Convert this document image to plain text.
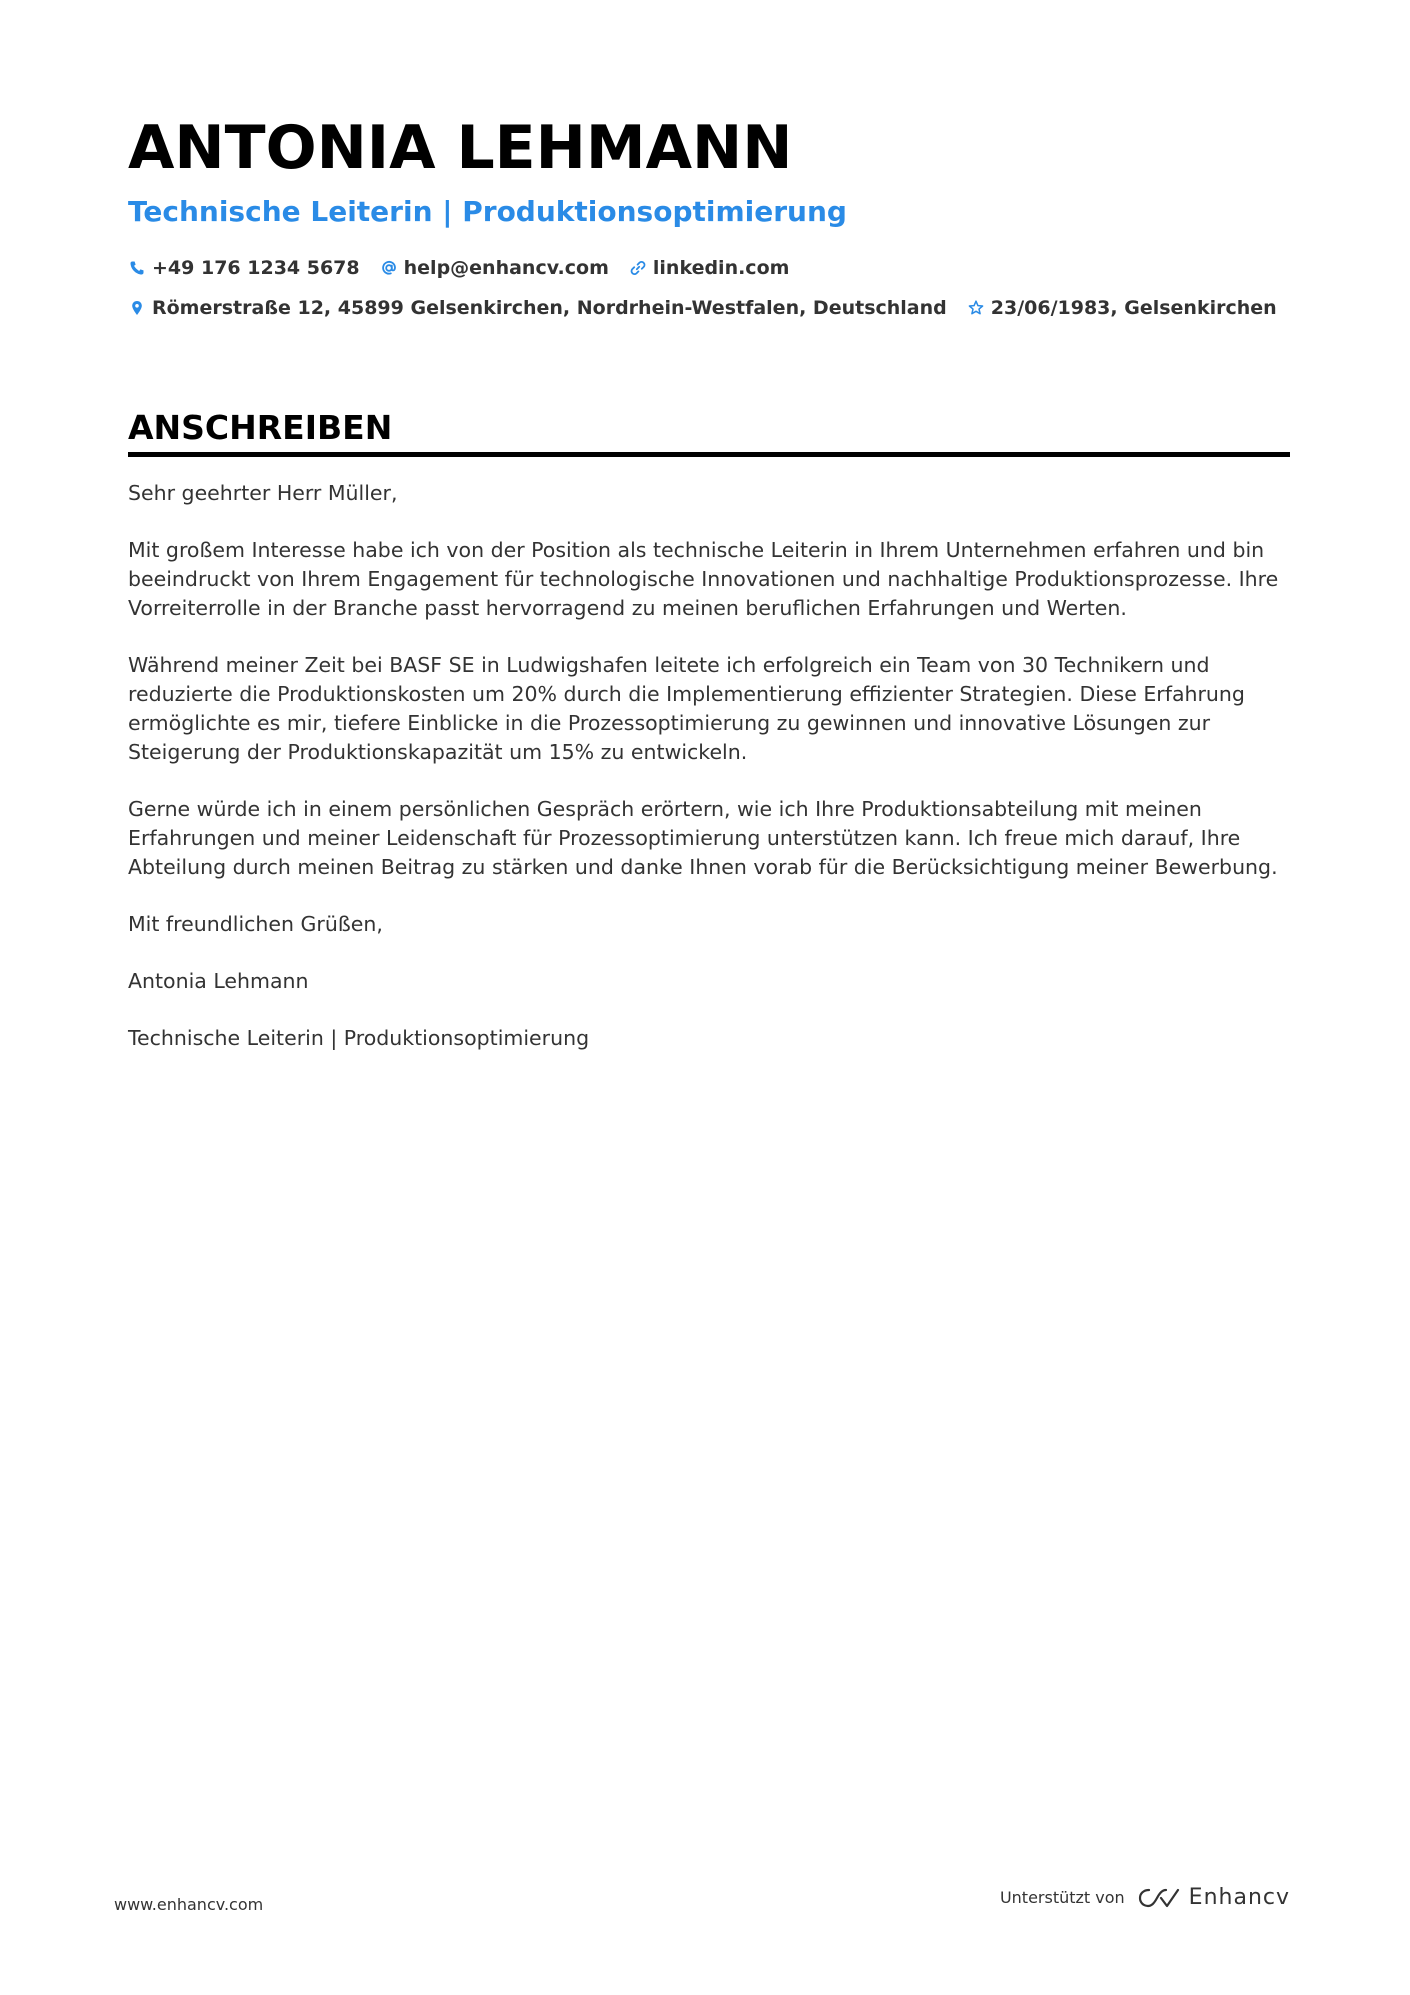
ANTONIA LEHMANN
Technische Leiterin | Produktionsoptimierung
+49 176 1234 5678 help@enhancv.com linkedin.com
Römerstraße 12, 45899 Gelsenkirchen, Nordrhein-Westfalen, Deutschland 23/06/1983, Gelsenkirchen
ANSCHREIBEN

Sehr geehrter Herr Müller,

Mit großem Interesse habe ich von der Position als technische Leiterin in Ihrem Unternehmen erfahren und bin beeindruckt von Ihrem Engagement für technologische Innovationen und nachhaltige Produktionsprozesse. Ihre Vorreiterrolle in der Branche passt hervorragend zu meinen beruflichen Erfahrungen und Werten.

Während meiner Zeit bei BASF SE in Ludwigshafen leitete ich erfolgreich ein Team von 30 Technikern und reduzierte die Produktionskosten um 20% durch die Implementierung effizienter Strategien. Diese Erfahrung ermöglichte es mir, tiefere Einblicke in die Prozessoptimierung zu gewinnen und innovative Lösungen zur Steigerung der Produktionskapazität um 15% zu entwickeln.

Gerne würde ich in einem persönlichen Gespräch erörtern, wie ich Ihre Produktionsabteilung mit meinen Erfahrungen und meiner Leidenschaft für Prozessoptimierung unterstützen kann. Ich freue mich darauf, Ihre Abteilung durch meinen Beitrag zu stärken und danke Ihnen vorab für die Berücksichtigung meiner Bewerbung.

Mit freundlichen Grüßen,

Antonia Lehmann

Technische Leiterin | Produktionsoptimierung

www.enhancv.com	Unterstützt von	Enhancv
